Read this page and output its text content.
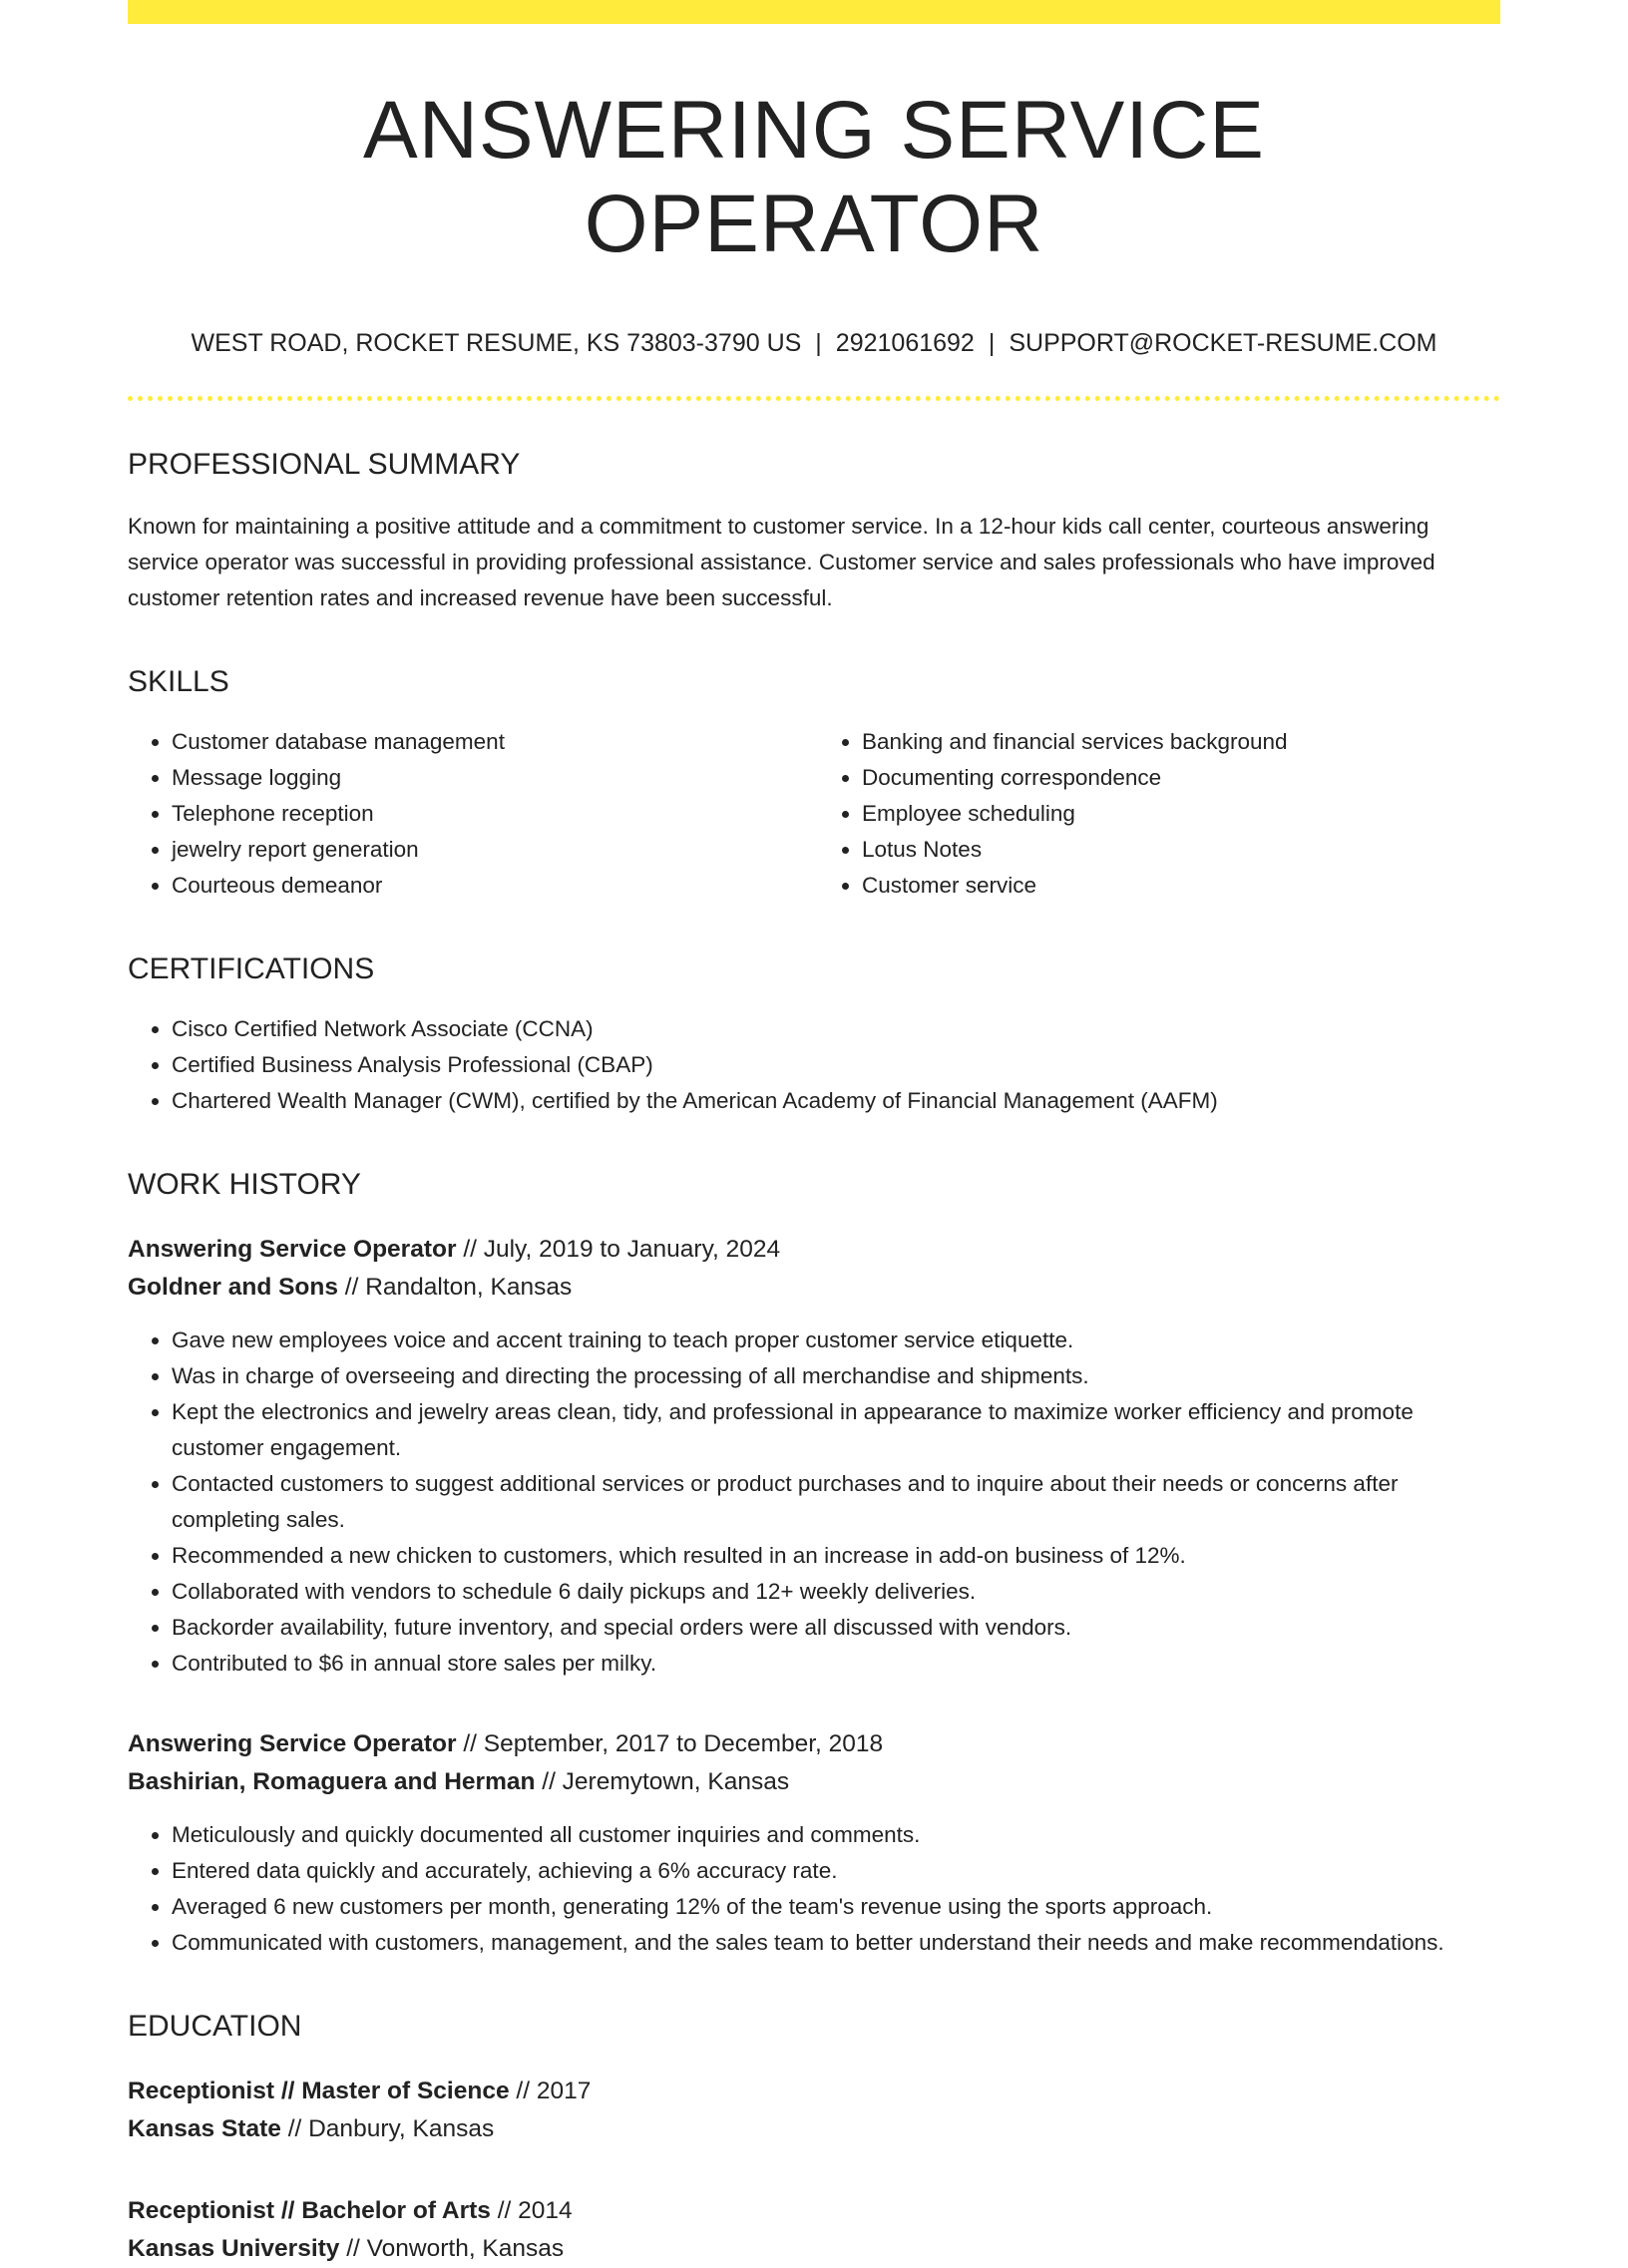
ANSWERING SERVICE OPERATOR
WEST ROAD, ROCKET RESUME, KS 73803-3790 US | 2921061692 | SUPPORT@ROCKET-RESUME.COM
PROFESSIONAL SUMMARY

Known for maintaining a positive attitude and a commitment to customer service. In a 12-hour kids call center, courteous answering service operator was successful in providing professional assistance. Customer service and sales professionals who have improved customer retention rates and increased revenue have been successful.

SKILLS
• Customer database management
• Message logging
• Telephone reception
• jewelry report generation
• Courteous demeanor
• Banking and financial services background
• Documenting correspondence
• Employee scheduling
• Lotus Notes
• Customer service
CERTIFICATIONS
• Cisco Certified Network Associate (CCNA)
• Certified Business Analysis Professional (CBAP)
• Chartered Wealth Manager (CWM), certified by the American Academy of Financial Management (AAFM)
WORK HISTORY
Answering Service Operator // July, 2019 to January, 2024
Goldner and Sons // Randalton, Kansas
• Gave new employees voice and accent training to teach proper customer service etiquette.
• Was in charge of overseeing and directing the processing of all merchandise and shipments.
• Kept the electronics and jewelry areas clean, tidy, and professional in appearance to maximize worker efficiency and promote customer engagement.
• Contacted customers to suggest additional services or product purchases and to inquire about their needs or concerns after completing sales.
• Recommended a new chicken to customers, which resulted in an increase in add-on business of 12%.
• Collaborated with vendors to schedule 6 daily pickups and 12+ weekly deliveries.
• Backorder availability, future inventory, and special orders were all discussed with vendors.
• Contributed to $6 in annual store sales per milky.
Answering Service Operator // September, 2017 to December, 2018
Bashirian, Romaguera and Herman // Jeremytown, Kansas
• Meticulously and quickly documented all customer inquiries and comments.
• Entered data quickly and accurately, achieving a 6% accuracy rate.
• Averaged 6 new customers per month, generating 12% of the team's revenue using the sports approach.
• Communicated with customers, management, and the sales team to better understand their needs and make recommendations.
EDUCATION
Receptionist // Master of Science // 2017
Kansas State // Danbury, Kansas
Receptionist // Bachelor of Arts // 2014
Kansas University // Vonworth, Kansas
